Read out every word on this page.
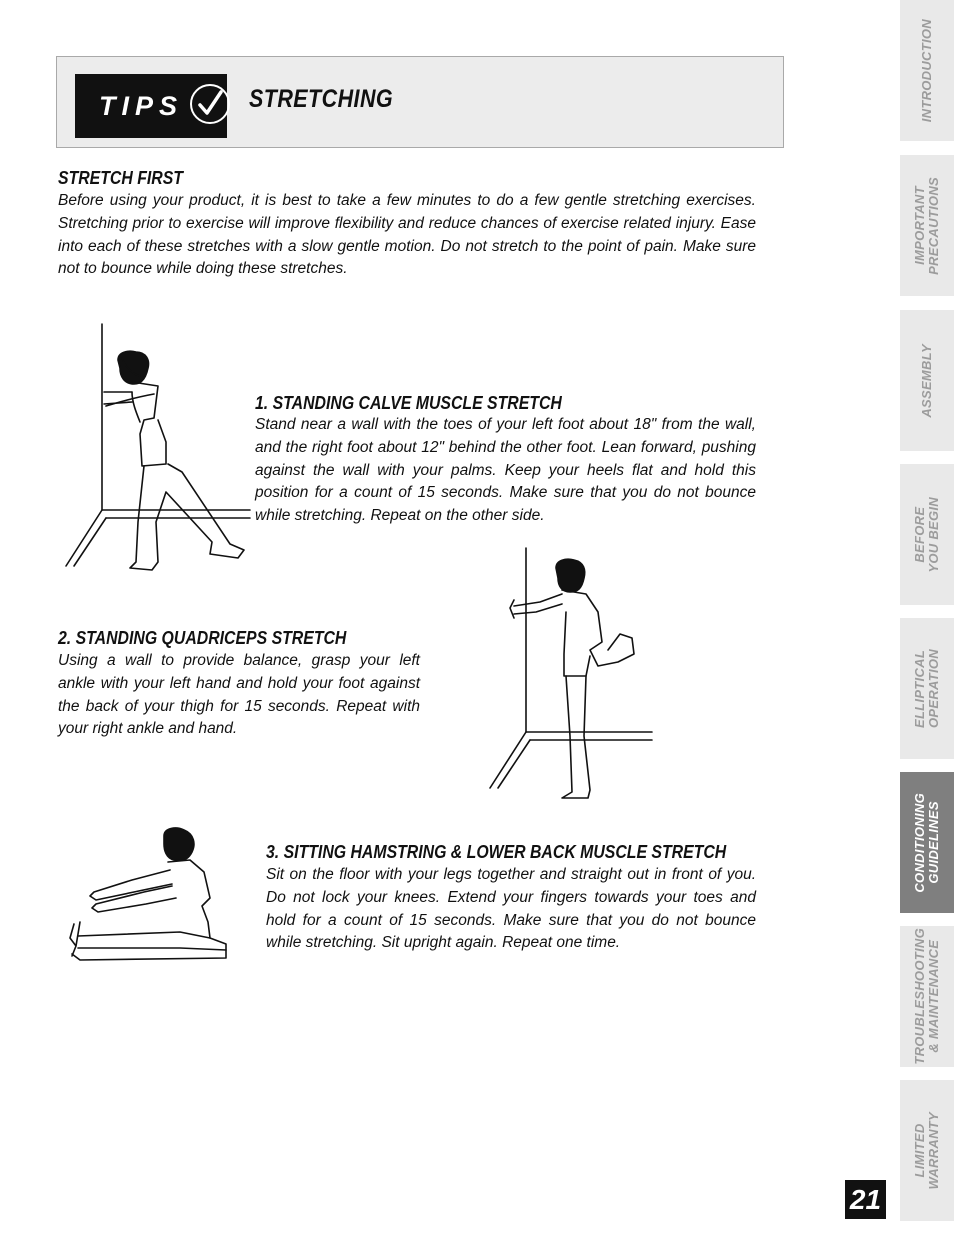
TIPS	STRETCHING
STRETCH FIRST

Before using your product, it is best to take a few minutes to do a few gentle stretching exercises. Stretching prior to exercise will improve flexibility and reduce chances of exercise related injury. Ease into each of these stretches with a slow gentle motion. Do not stretch to the point of pain. Make sure not to bounce while doing these stretches.

1. STANDING CALVE MUSCLE STRETCH

Stand near a wall with the toes of your left foot about 18" from the wall, and the right foot about 12" behind the other foot. Lean forward, pushing against the wall with your palms. Keep your heels flat and hold this position for a count of 15 seconds. Make sure that you do not bounce while stretching. Repeat on the other side.

2. STANDING QUADRICEPS STRETCH

Using a wall to provide balance, grasp your left ankle with your left hand and hold your foot against the back of your thigh for 15 seconds. Repeat with your right ankle and hand.

3. SITTING HAMSTRING & LOWER BACK MUSCLE STRETCH

Sit on the floor with your legs together and straight out in front of you. Do not lock your knees. Extend your fingers towards your toes and hold for a count of 15 seconds. Make sure that you do not bounce while stretching. Sit upright again. Repeat one time.

INTRODUCTION
IMPORTANT
PRECAUTIONS
ASSEMBLY
BEFORE
YOU BEGIN
ELLIPTICAL
OPERATION
CONDITIONING
GUIDELINES
TROUBLESHOOTING
& MAINTENANCE
LIMITED
WARRANTY
21
